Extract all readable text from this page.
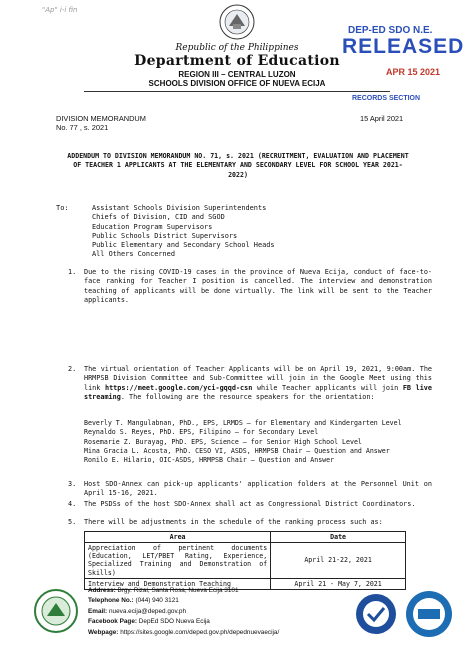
"Ap" i-i fin
Republic of the Philippines
Department of Education
REGION III – CENTRAL LUZON
SCHOOLS DIVISION OFFICE OF NUEVA ECIJA
DEP-ED SDO N.E.
RELEASED
APR 15 2021
RECORDS SECTION
DIVISION MEMORANDUM
No. 77 , s. 2021
15 April 2021
ADDENDUM TO DIVISION MEMORANDUM NO. 71, s. 2021 (RECRUITMENT, EVALUATION AND PLACEMENT OF TEACHER 1 APPLICANTS AT THE ELEMENTARY AND SECONDARY LEVEL FOR SCHOOL YEAR 2021-2022)
To:	Assistant Schools Division Superintendents
Chiefs of Division, CID and SGOD
Education Program Supervisors
Public Schools District Supervisors
Public Elementary and Secondary School Heads
All Others Concerned
1. Due to the rising COVID-19 cases in the province of Nueva Ecija, conduct of face-to-face ranking for Teacher I position is cancelled. The interview and demonstration teaching of applicants will be done virtually. The link will be sent to the Teacher applicants.
2. The virtual orientation of Teacher Applicants will be on April 19, 2021, 9:00am. The HRMPSB Division Committee and Sub-Committee will join in the Google Meet using this link https://meet.google.com/yci-gqqd-csn while Teacher applicants will join FB live streaming. The following are the resource speakers for the orientation:
Beverly T. Mangulabnan, PhD., EPS, LRMDS – for Elementary and Kindergarten Level
Reynaldo S. Reyes, PhD. EPS, Filipino – for Secondary Level
Rosemarie Z. Burayag, PhD. EPS, Science – for Senior High School Level
Mina Gracia L. Acosta, PhD. CESO VI, ASDS, HRMPSB Chair – Question and Answer
Ronilo E. Hilario, OIC-ASDS, HRMPSB Chair – Question and Answer
3. Host SDO-Annex can pick-up applicants' application folders at the Personnel Unit on April 15-16, 2021.
4. The PSDSs of the host SDO-Annex shall act as Congressional District Coordinators.
5. There will be adjustments in the schedule of the ranking process such as:
Area	Date
Appreciation of pertinent documents (Education, LET/PBET Rating, Experience, Specialized Training and Demonstration of Skills)	April 21-22, 2021
Interview and Demonstration Teaching	April 21 - May 7, 2021
Address: Brgy. Rizal, Santa Rosa, Nueva Ecija 3101
Telephone No.: (044) 940 3121
Email: nueva.ecija@deped.gov.ph
Facebook Page: DepEd SDO Nueva Ecija
Webpage: https://sites.google.com/deped.gov.ph/depednuevaecija/
